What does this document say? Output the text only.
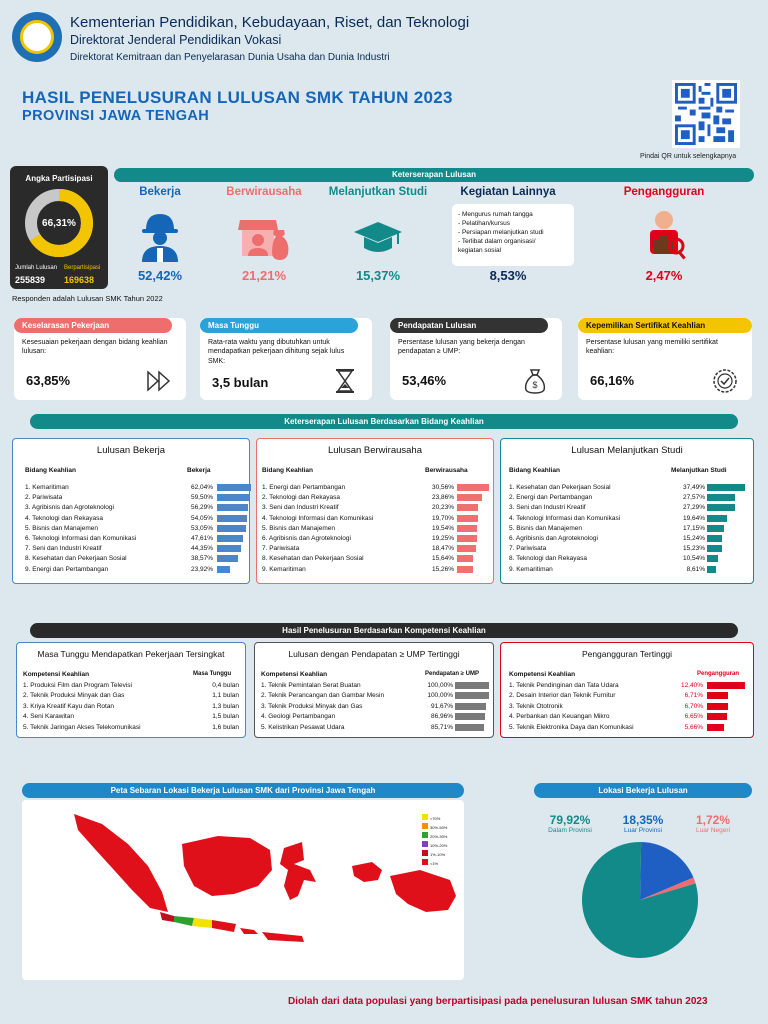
Kementerian Pendidikan, Kebudayaan, Riset, dan Teknologi
Direktorat Jenderal Pendidikan Vokasi
Direktorat Kemitraan dan Penyelarasan Dunia Usaha dan Dunia Industri
HASIL PENELUSURAN LULUSAN SMK TAHUN 2023
PROVINSI JAWA TENGAH
Pindai QR untuk selengkapnya
Angka Partisipasi
66,31%
Jumlah Lulusan Berpartisipasi
255839 169638
Responden adalah Lulusan SMK Tahun 2022
Keterserapan Lulusan
Bekerja
52,42%
Berwirausaha
21,21%
Melanjutkan Studi
15,37%
Kegiatan Lainnya
- Mengurus rumah tangga
- Pelatihan/kursus
- Persiapan melanjutkan studi
- Terlibat dalam organisasi/
kegiatan sosial
8,53%
Pengangguran
2,47%
Keselarasan Pekerjaan
Kesesuaian pekerjaan dengan bidang keahlian lulusan:
63,85%
Masa Tunggu
Rata-rata waktu yang dibutuhkan untuk mendapatkan pekerjaan dihitung sejak lulus SMK:
3,5 bulan
Pendapatan Lulusan
Persentase lulusan yang bekerja dengan pendapatan ≥ UMP:
53,46%	$
Kepemilikan Sertifikat Keahlian
Persentase lulusan yang memiliki sertifikat keahlian:
66,16%
Keterserapan Lulusan Berdasarkan Bidang Keahlian
Lulusan Bekerja
Bidang Keahlian	Bekerja
1. Kemaritiman	62,04%
2. Pariwisata	59,50%
3. Agribisnis dan Agroteknologi	56,29%
4. Teknologi dan Rekayasa	54,05%
5. Bisnis dan Manajemen	53,05%
6. Teknologi Informasi dan Komunikasi	47,61%
7. Seni dan Industri Kreatif	44,35%
8. Kesehatan dan Pekerjaan Sosial	38,57%
9. Energi dan Pertambangan	23,92%
Lulusan Berwirausaha
Bidang Keahlian	Berwirausaha
1. Energi dan Pertambangan	30,56%
2. Teknologi dan Rekayasa	23,86%
3. Seni dan Industri Kreatif	20,23%
4. Teknologi Informasi dan Komunikasi	19,70%
5. Bisnis dan Manajemen	19,54%
6. Agribisnis dan Agroteknologi	19,25%
7. Pariwisata	18,47%
8. Kesehatan dan Pekerjaan Sosial	15,64%
9. Kemaritiman	15,26%
Lulusan Melanjutkan Studi
Bidang Keahlian	Melanjutkan Studi
1. Kesehatan dan Pekerjaan Sosial	37,49%
2. Energi dan Pertambangan	27,57%
3. Seni dan Industri Kreatif	27,29%
4. Teknologi Informasi dan Komunikasi	19,64%
5. Bisnis dan Manajemen	17,15%
6. Agribisnis dan Agroteknologi	15,24%
7. Pariwisata	15,23%
8. Teknologi dan Rekayasa	10,54%
9. Kemaritiman	8,61%
Hasil Penelusuran Berdasarkan Kompetensi Keahlian
Masa Tunggu Mendapatkan Pekerjaan Tersingkat
Kompetensi Keahlian	Masa Tunggu
1. Produksi Film dan Program Televisi	0,4 bulan
2. Teknik Produksi Minyak dan Gas	1,1 bulan
3. Kriya Kreatif Kayu dan Rotan	1,3 bulan
4. Seni Karawitan	1,5 bulan
5. Teknik Jaringan Akses Telekomunikasi	1,6 bulan
Lulusan dengan Pendapatan ≥ UMP Tertinggi
Kompetensi Keahlian	Pendapatan ≥ UMP
1. Teknik Pemintalan Serat Buatan	100,00%
2. Teknik Perancangan dan Gambar Mesin	100,00%
3. Teknik Produksi Minyak dan Gas	91,67%
4. Geologi Pertambangan	86,96%
5. Kelistrikan Pesawat Udara	85,71%
Pengangguran Tertinggi
Kompetensi Keahlian	Pengangguran
1. Teknik Pendinginan dan Tata Udara	12,40%
2. Desain Interior dan Teknik Furnitur	6,71%
3. Teknik Ototronik	6,70%
4. Perbankan dan Keuangan Mikro	6,65%
5. Teknik Elektronika Daya dan Komunikasi	5,66%
Peta Sebaran Lokasi Bekerja Lulusan SMK dari Provinsi Jawa Tengah
>70%
30%-50%
20%-30%
10%-20%
1%-10%
<1%
Lokasi Bekerja Lulusan
79,92%
Dalam Provinsi
18,35%
Luar Provinsi
1,72%
Luar Negeri
Diolah dari data populasi yang berpartisipasi pada penelusuran lulusan SMK tahun 2023
